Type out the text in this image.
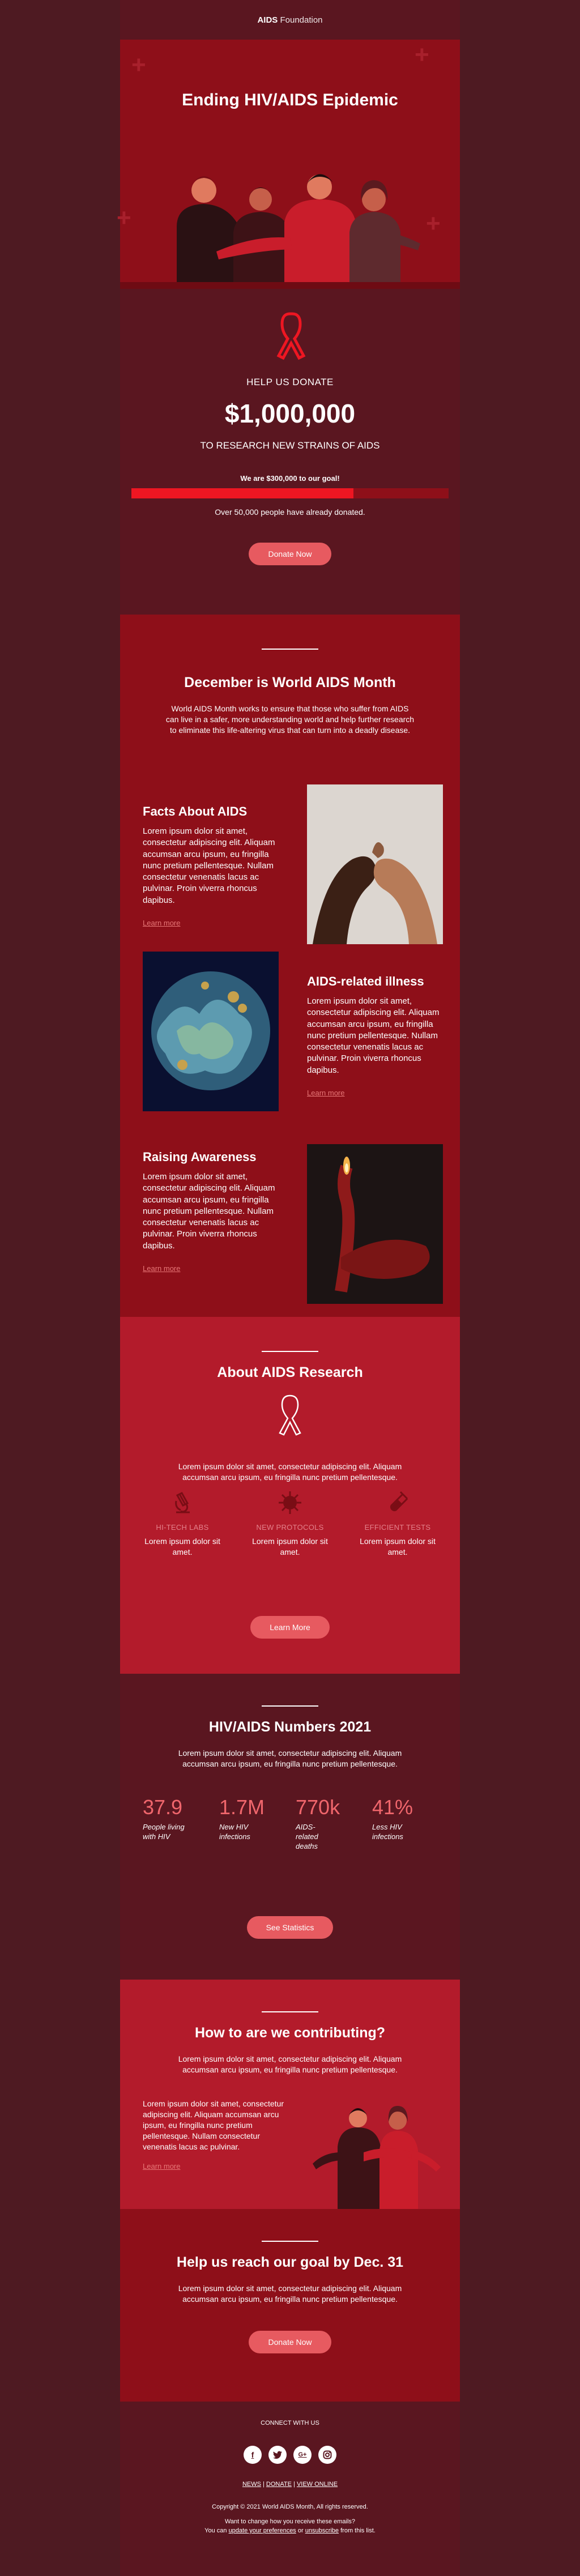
AIDS
Foundation
+	+
+	+
Ending HIV/AIDS Epidemic
HELP US DONATE
$1,000,000
TO RESEARCH NEW STRAINS OF AIDS
We are $300,000 to our goal!
Over 50,000 people have already donated.
Donate Now
December is World AIDS Month

World AIDS Month works to ensure that those who suffer from AIDS can live in a safer, more understanding world and help further research to eliminate this life-altering virus that can turn into a deadly disease.

Facts About AIDS

Lorem ipsum dolor sit amet, consectetur adipiscing elit. Aliquam accumsan arcu ipsum, eu fringilla nunc pretium pellentesque. Nullam consectetur venenatis lacus ac pulvinar. Proin viverra rhoncus dapibus.

Learn more
AIDS-related illness

Lorem ipsum dolor sit amet, consectetur adipiscing elit. Aliquam accumsan arcu ipsum, eu fringilla nunc pretium pellentesque. Nullam consectetur venenatis lacus ac pulvinar. Proin viverra rhoncus dapibus.

Learn more
Raising Awareness

Lorem ipsum dolor sit amet, consectetur adipiscing elit. Aliquam accumsan arcu ipsum, eu fringilla nunc pretium pellentesque. Nullam consectetur venenatis lacus ac pulvinar. Proin viverra rhoncus dapibus.

Learn more
About AIDS Research

Lorem ipsum dolor sit amet, consectetur adipiscing elit. Aliquam accumsan arcu ipsum, eu fringilla nunc pretium pellentesque.

HI-TECH LABS
Lorem ipsum dolor sit amet.
NEW PROTOCOLS
Lorem ipsum dolor sit amet.
EFFICIENT TESTS
Lorem ipsum dolor sit amet.
Learn More
HIV/AIDS Numbers 2021

Lorem ipsum dolor sit amet, consectetur adipiscing elit. Aliquam accumsan arcu ipsum, eu fringilla nunc pretium pellentesque.

37.9
People living with HIV
1.7M
New HIV infections
770k
AIDS-related deaths
41%
Less HIV infections
See Statistics
How to are we contributing?

Lorem ipsum dolor sit amet, consectetur adipiscing elit. Aliquam accumsan arcu ipsum, eu fringilla nunc pretium pellentesque.

Lorem ipsum dolor sit amet, consectetur adipiscing elit. Aliquam accumsan arcu ipsum, eu fringilla nunc pretium pellentesque. Nullam consectetur venenatis lacus ac pulvinar.

Learn more
Help us reach our goal by Dec. 31

Lorem ipsum dolor sit amet, consectetur adipiscing elit. Aliquam accumsan arcu ipsum, eu fringilla nunc pretium pellentesque.

Donate Now
CONNECT WITH US
f	G+
NEWS | DONATE | VIEW ONLINE
Copyright © 2021 World AIDS Month, All rights reserved.
Want to change how you receive these emails?
You can update your preferences or unsubscribe from this list.
